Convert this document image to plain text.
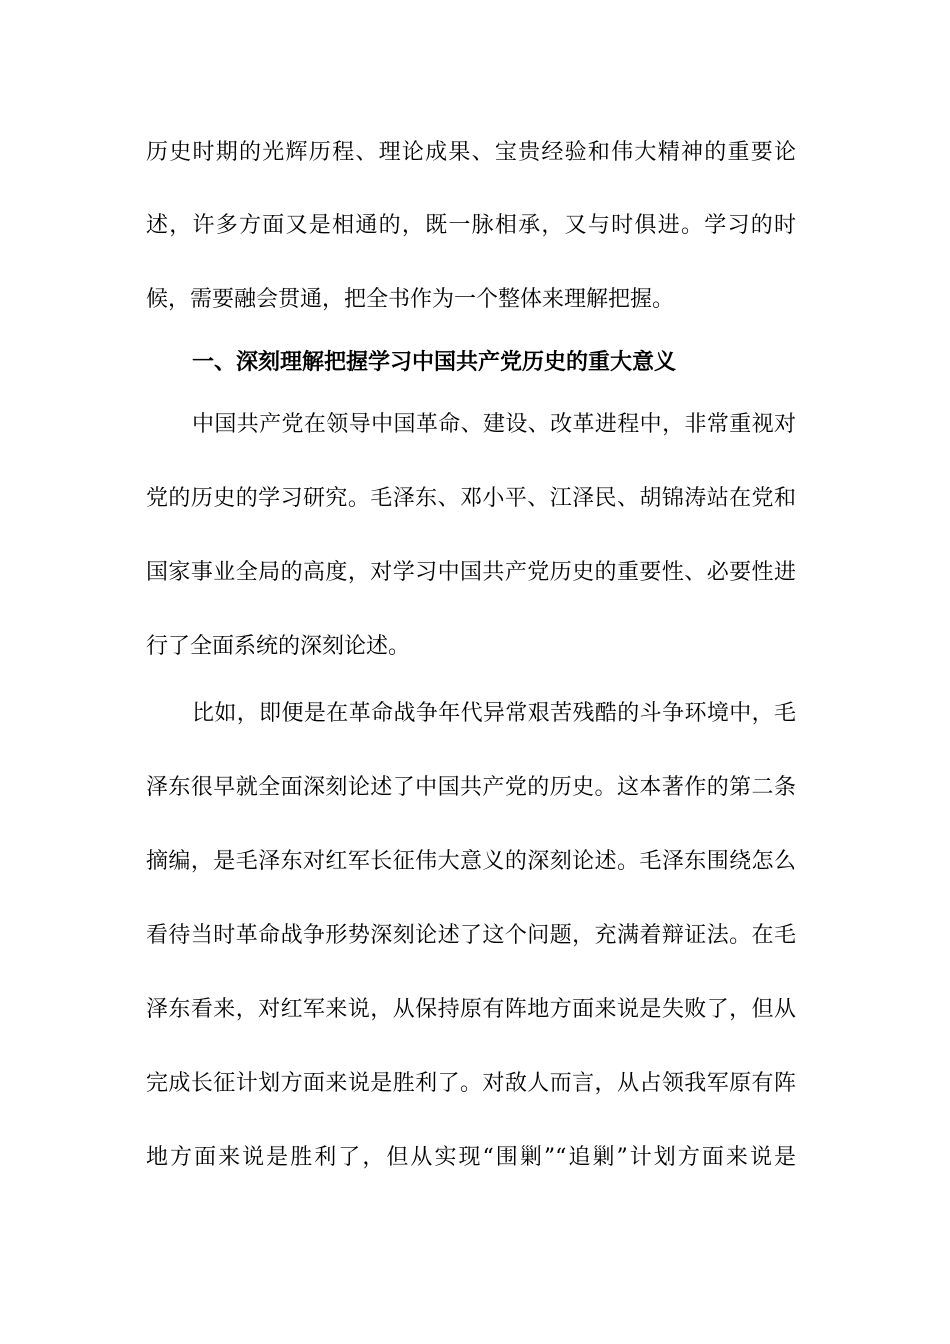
历史时期的光辉历程、理论成果、宝贵经验和伟大精神的重要论
述，许多方面又是相通的，既一脉相承，又与时俱进。学习的时
候，需要融会贯通，把全书作为一个整体来理解把握。
一、深刻理解把握学习中国共产党历史的重大意义
中国共产党在领导中国革命、建设、改革进程中，非常重视对
党的历史的学习研究。毛泽东、邓小平、江泽民、胡锦涛站在党和
国家事业全局的高度，对学习中国共产党历史的重要性、必要性进
行了全面系统的深刻论述。
比如，即便是在革命战争年代异常艰苦残酷的斗争环境中，毛
泽东很早就全面深刻论述了中国共产党的历史。这本著作的第二条
摘编，是毛泽东对红军长征伟大意义的深刻论述。毛泽东围绕怎么
看待当时革命战争形势深刻论述了这个问题，充满着辩证法。在毛
泽东看来，对红军来说，从保持原有阵地方面来说是失败了，但从
完成长征计划方面来说是胜利了。对敌人而言，从占领我军原有阵
地方面来说是胜利了，但从实现“围剿”“追剿”计划方面来说是
